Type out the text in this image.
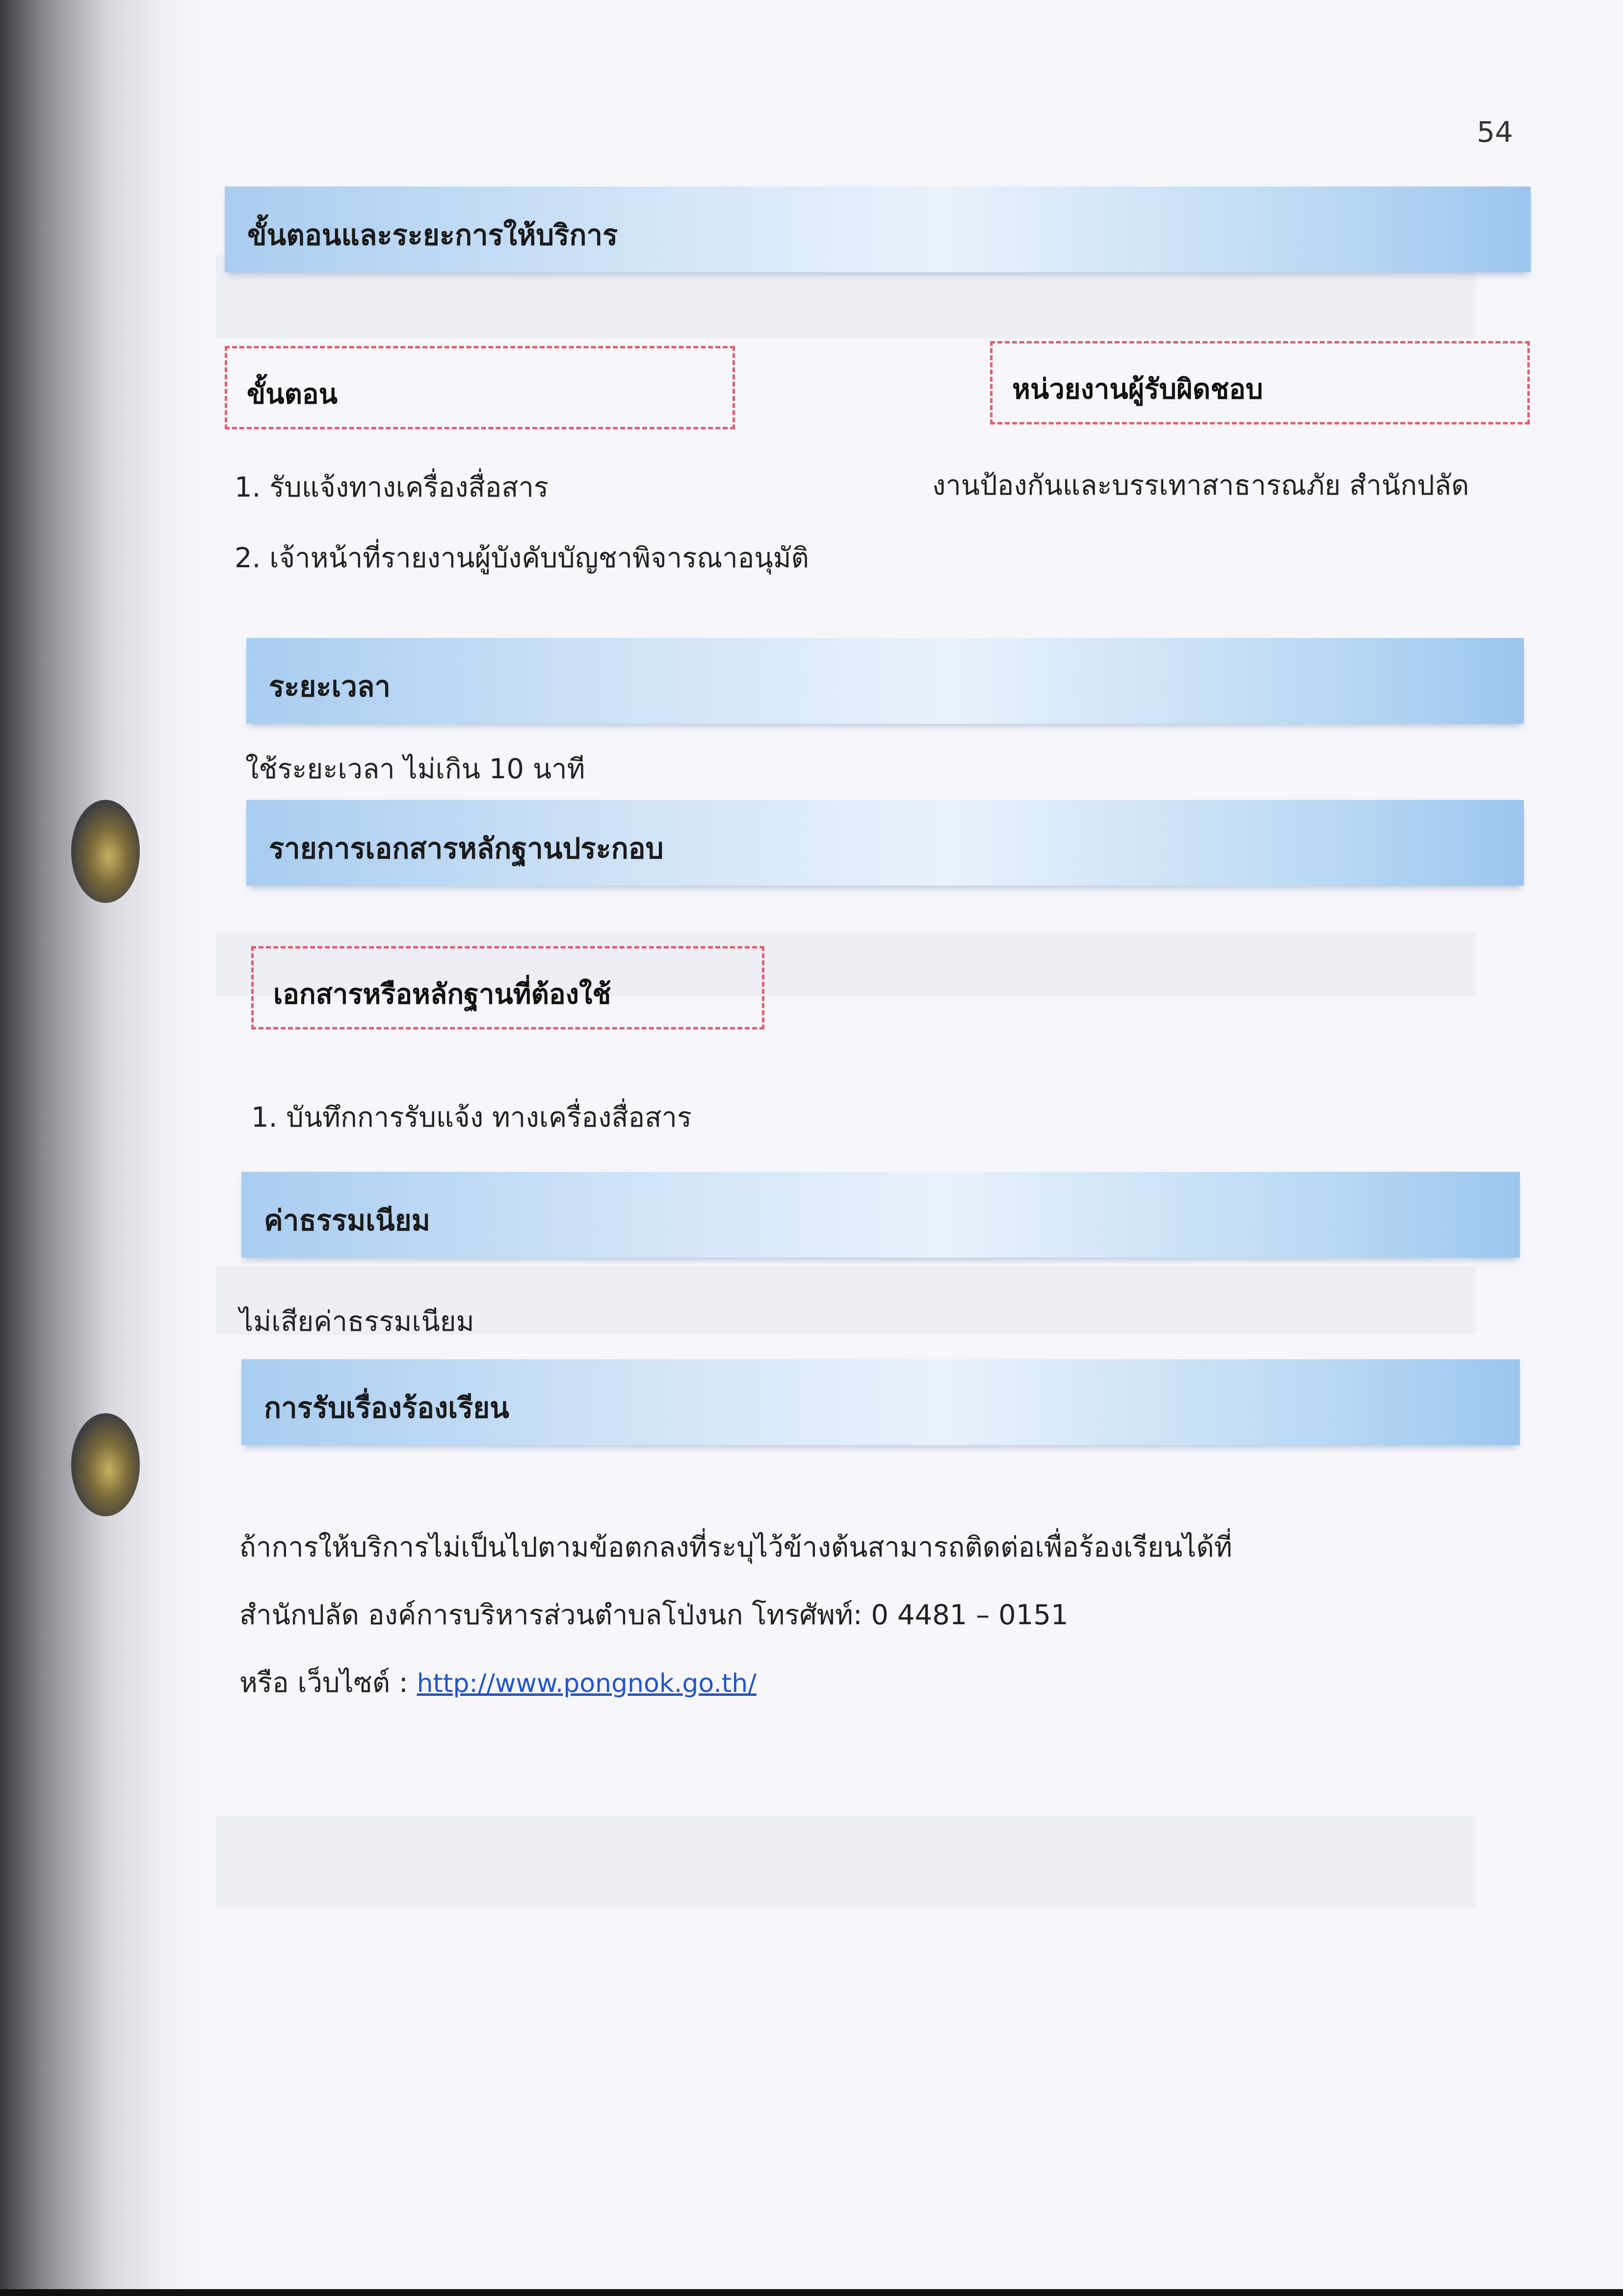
54
ขั้นตอนและระยะการให้บริการ
ขั้นตอน	หน่วยงานผู้รับผิดชอบ
1. รับแจ้งทางเครื่องสื่อสาร
2. เจ้าหน้าที่รายงานผู้บังคับบัญชาพิจารณาอนุมัติ
งานป้องกันและบรรเทาสาธารณภัย สำนักปลัด
ระยะเวลา
ใช้ระยะเวลา ไม่เกิน 10 นาที
รายการเอกสารหลักฐานประกอบ
เอกสารหรือหลักฐานที่ต้องใช้
1. บันทึกการรับแจ้ง ทางเครื่องสื่อสาร
ค่าธรรมเนียม
ไม่เสียค่าธรรมเนียม
การรับเรื่องร้องเรียน
ถ้าการให้บริการไม่เป็นไปตามข้อตกลงที่ระบุไว้ข้างต้นสามารถติดต่อเพื่อร้องเรียนได้ที่
สำนักปลัด องค์การบริหารส่วนตำบลโป่งนก โทรศัพท์: 0 4481 – 0151
หรือ เว็บไซต์ : http://www.pongnok.go.th/
